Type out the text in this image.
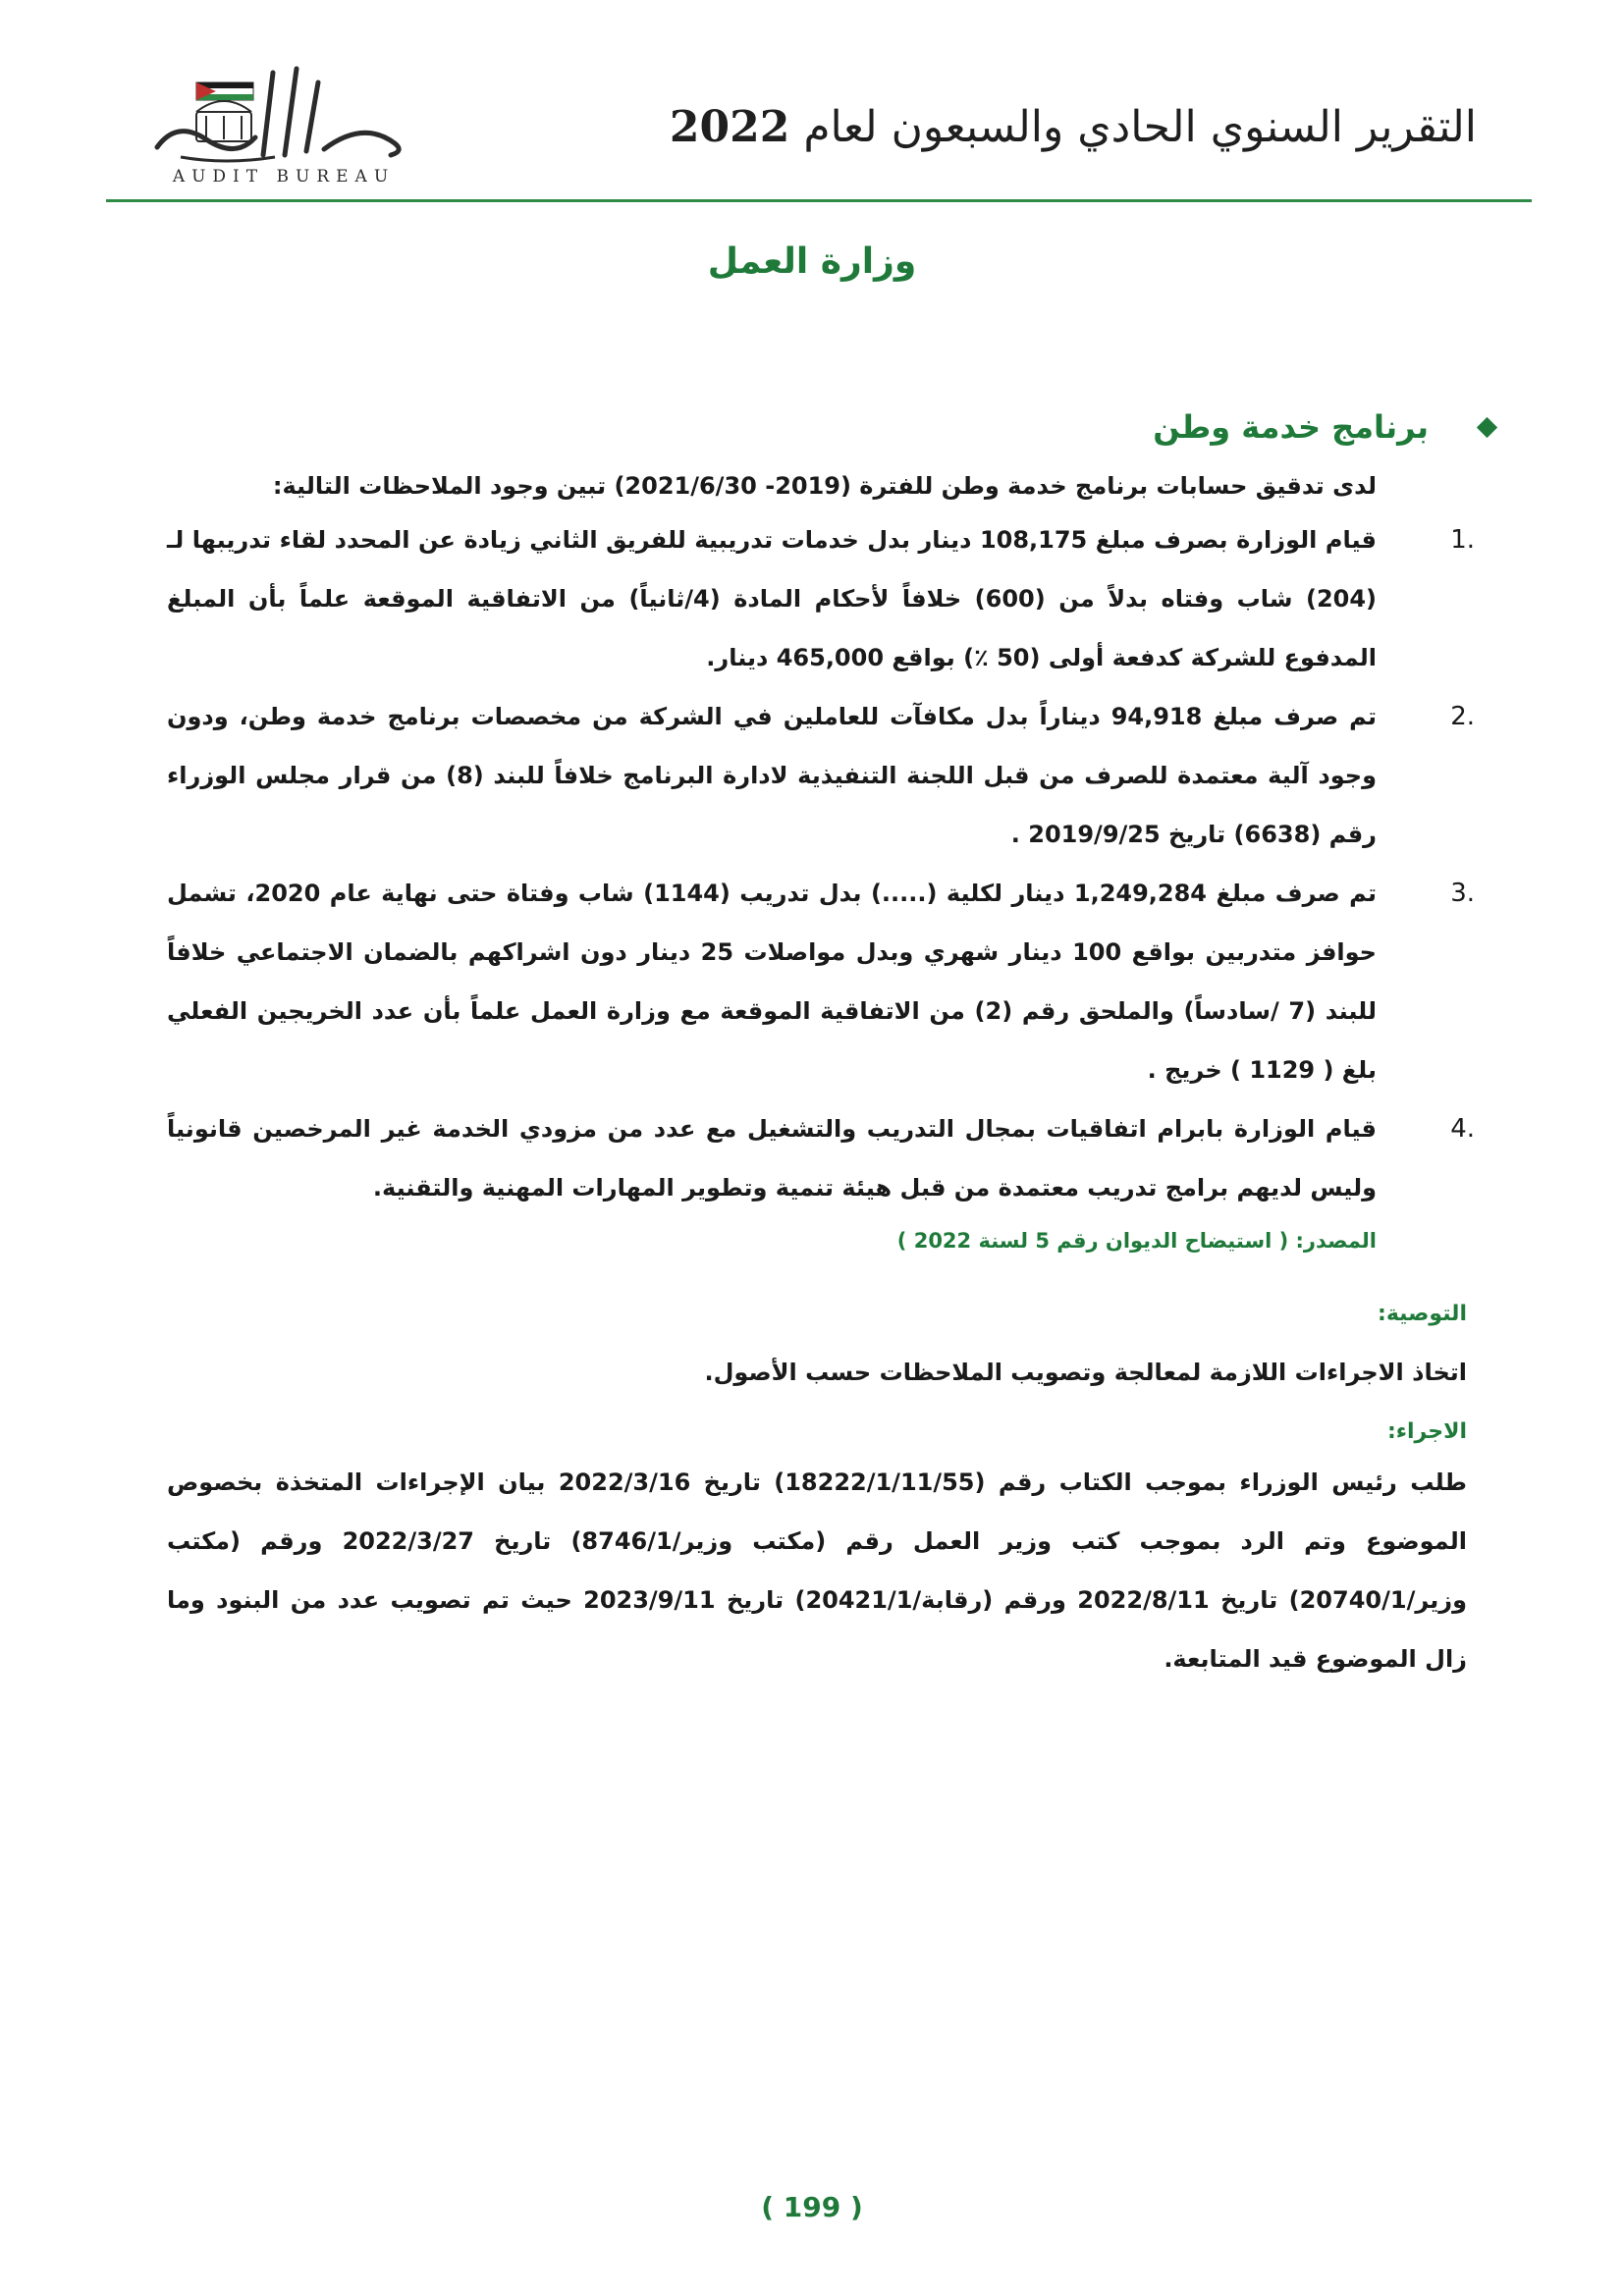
AUDIT BUREAU
التقرير السنوي الحادي والسبعون لعام 2022
وزارة العمل
برنامج خدمة وطن
لدى تدقيق حسابات برنامج خدمة وطن للفترة (2019- 2021/6/30) تبين وجود الملاحظات التالية:
1.
قيام الوزارة بصرف مبلغ 108,175 دينار بدل خدمات تدريبية للفريق الثاني زيادة عن المحدد لقاء تدريبها لـ (204) شاب وفتاه بدلاً من (600) خلافاً لأحكام المادة (4/ثانياً) من الاتفاقية الموقعة علماً بأن المبلغ المدفوع للشركة كدفعة أولى (50 ٪) بواقع 465,000 دينار.
2.
تم صرف مبلغ 94,918 ديناراً بدل مكافآت للعاملين في الشركة من مخصصات برنامج خدمة وطن، ودون وجود آلية معتمدة للصرف من قبل اللجنة التنفيذية لادارة البرنامج خلافاً للبند (8) من قرار مجلس الوزراء رقم (6638) تاريخ 2019/9/25 .
3.
تم صرف مبلغ 1,249,284 دينار لكلية (.....) بدل تدريب (1144) شاب وفتاة حتى نهاية عام 2020، تشمل حوافز متدربين بواقع 100 دينار شهري وبدل مواصلات 25 دينار دون اشراكهم بالضمان الاجتماعي خلافاً للبند (7 /سادساً) والملحق رقم (2) من الاتفاقية الموقعة مع وزارة العمل علماً بأن عدد الخريجين الفعلي بلغ ( 1129 ) خريج .
4.
قيام الوزارة بابرام اتفاقيات بمجال التدريب والتشغيل مع عدد من مزودي الخدمة غير المرخصين قانونياً وليس لديهم برامج تدريب معتمدة من قبل هيئة تنمية وتطوير المهارات المهنية والتقنية.
المصدر: ( استيضاح الديوان رقم 5 لسنة 2022 )
التوصية:
اتخاذ الاجراءات اللازمة لمعالجة وتصويب الملاحظات حسب الأصول.
الاجراء:
طلب رئيس الوزراء بموجب الكتاب رقم (18222/1/11/55) تاريخ 2022/3/16 بيان الإجراءات المتخذة بخصوص الموضوع وتم الرد بموجب كتب وزير العمل رقم (مكتب وزير/8746/1) تاريخ 2022/3/27 ورقم (مكتب وزير/20740/1) تاريخ 2022/8/11 ورقم (رقابة/20421/1) تاريخ 2023/9/11 حيث تم تصويب عدد من البنود وما زال الموضوع قيد المتابعة.
( 199 )
